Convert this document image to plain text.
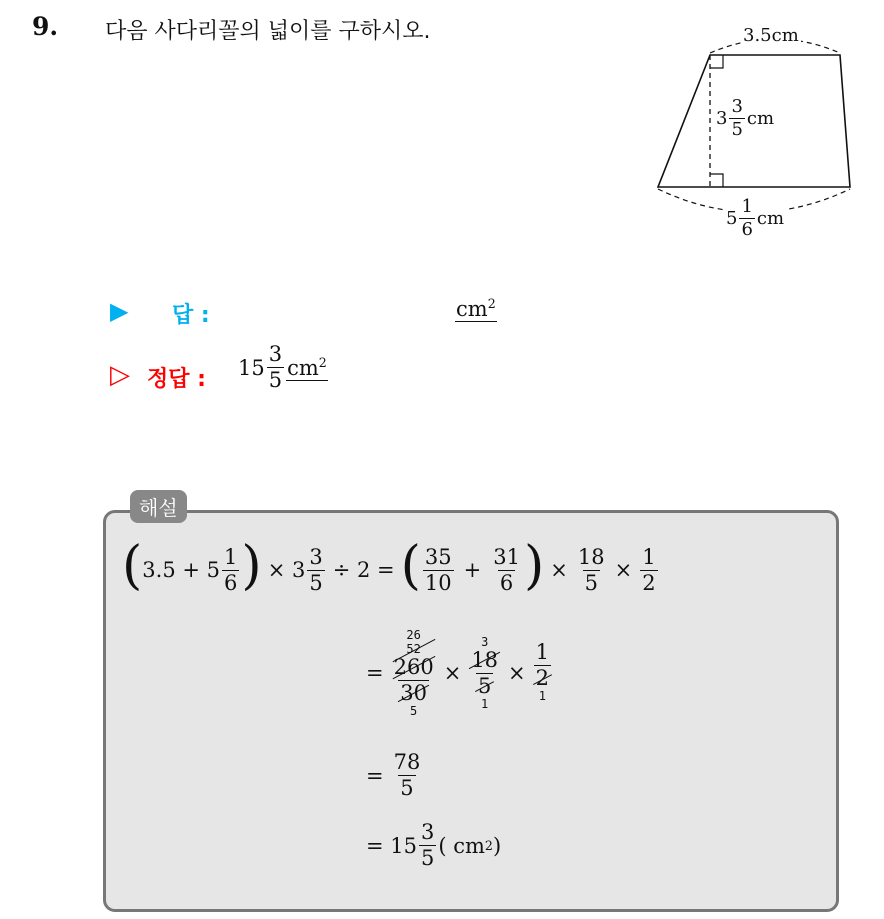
9. 다음 사다리꼴의 넓이를 구하시오.	3.5cm
$3 \frac{3}{5}$ cm
$5 \frac{1}{6}$ cm
▶ 답 :	$cm^2$
▷ 정답 : $15 \frac{3}{5} cm^2$
해설
( $3.5 + 5 \frac{1}{6}$ ) × $3 \frac{3}{5} \div 2$ = ( $\frac{35}{10} + \frac{31}{6}$ ) × $\frac{18}{5} \times \frac{1}{2}$
= 26
52
260
30
5 × 3
18
5
1 × 1
2
1
= $\frac{78}{5}$
= $15 \frac{3}{5}$ ( cm 2 )
